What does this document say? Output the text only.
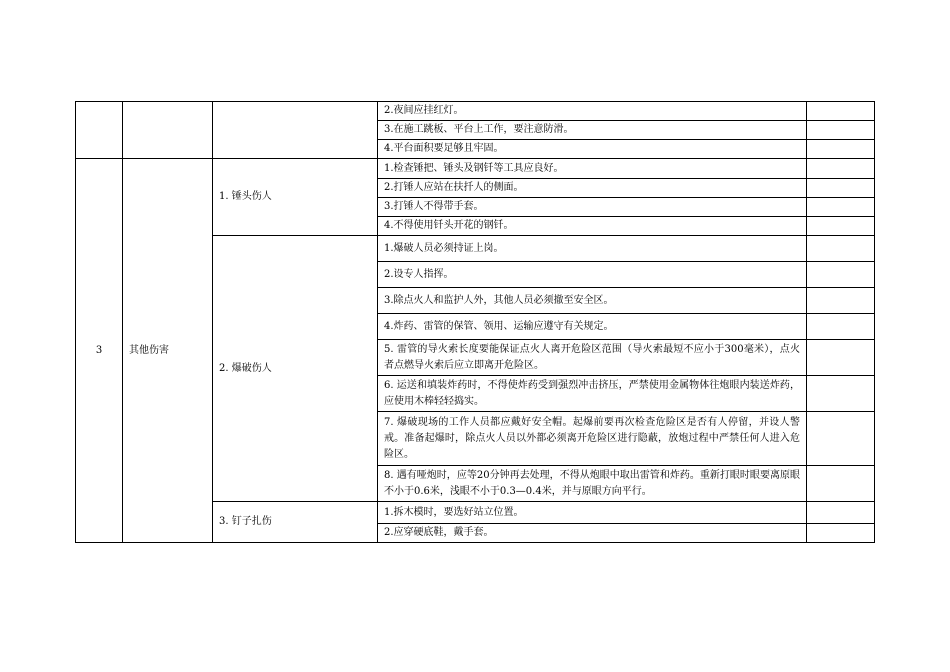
			2.夜间应挂红灯。	
			3.在施工跳板、平台上工作，要注意防滑。	
			4.平台面积要足够且牢固。	
3	其他伤害	1. 锤头伤人	1.检查锤把、锤头及钢钎等工具应良好。	
			2.打锤人应站在扶扦人的侧面。	
			3.打锤人不得带手套。	
			4.不得使用钎头开花的钢钎。	
		2. 爆破伤人	1.爆破人员必须持证上岗。	
			2.设专人指挥。	
			3.除点火人和监护人外，其他人员必须撤至安全区。	
			4.炸药、雷管的保管、领用、运输应遵守有关规定。	
			5. 雷管的导火索长度要能保证点火人离开危险区范围（导火索最短不应小于300毫米），点火者点燃导火索后应立即离开危险区。	
			6. 运送和填装炸药时，不得使炸药受到强烈冲击挤压，严禁使用金属物体往炮眼内装送炸药，应使用木棒轻轻捣实。	
			7. 爆破现场的工作人员都应戴好安全帽。起爆前要再次检查危险区是否有人停留，并设人警戒。准备起爆时，除点火人员以外都必须离开危险区进行隐蔽，放炮过程中严禁任何人进入危险区。	
			8. 遇有哑炮时，应等20分钟再去处理，不得从炮眼中取出雷管和炸药。重新打眼时眼要离原眼不小于0.6米，浅眼不小于0.3—0.4米，并与原眼方向平行。	
		3. 钉子扎伤	1.拆木模时，要选好站立位置。	
			2.应穿硬底鞋，戴手套。	
